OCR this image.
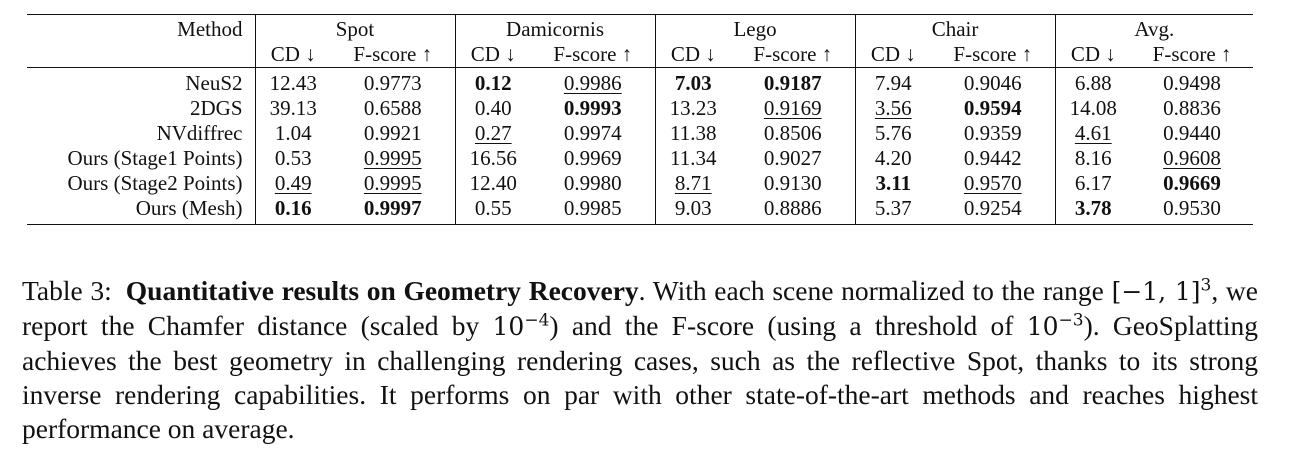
Method	Spot		Damicornis		Lego		Chair		Avg.	
	CD ↓	F-score ↑	CD ↓	F-score ↑	CD ↓	F-score ↑	CD ↓	F-score ↑	CD ↓	F-score ↑
NeuS2	12.43	0.9773	0.12	0.9986	7.03	0.9187	7.94	0.9046	6.88	0.9498
2DGS	39.13	0.6588	0.40	0.9993	13.23	0.9169	3.56	0.9594	14.08	0.8836
NVdiffrec	1.04	0.9921	0.27	0.9974	11.38	0.8506	5.76	0.9359	4.61	0.9440
Ours (Stage1 Points)	0.53	0.9995	16.56	0.9969	11.34	0.9027	4.20	0.9442	8.16	0.9608
Ours (Stage2 Points)	0.49	0.9995	12.40	0.9980	8.71	0.9130	3.11	0.9570	6.17	0.9669
Ours (Mesh)	0.16	0.9997	0.55	0.9985	9.03	0.8886	5.37	0.9254	3.78	0.9530
Table 3: Quantitative results on Geometry Recovery. With each scene normalized to the range [−1, 1]$^3$, we report the Chamfer distance (scaled by $10^{-4}$) and the F-score (using a threshold of $10^{-3}$). GeoSplatting achieves the best geometry in challenging rendering cases, such as the reflective Spot, thanks to its strong inverse rendering capabilities. It performs on par with other state-of-the-art methods and reaches highest performance on average.
